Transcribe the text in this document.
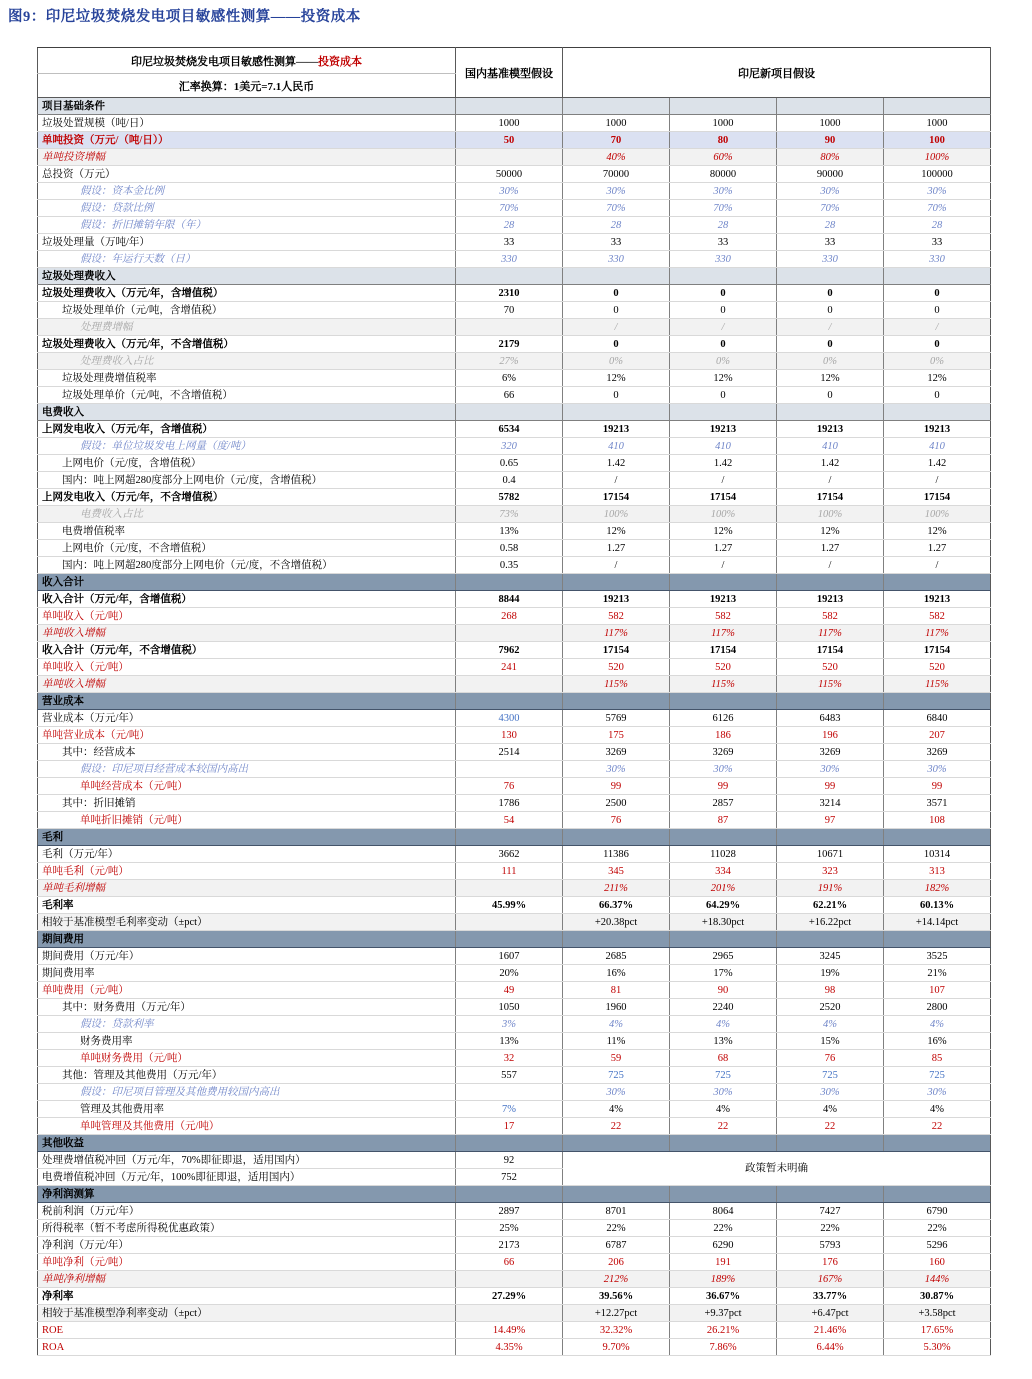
图9：印尼垃圾焚烧发电项目敏感性测算——投资成本
印尼垃圾焚烧发电项目敏感性测算——投资成本	国内基准模型假设	印尼新项目假设			
汇率换算：1美元=7.1人民币					
项目基础条件					
垃圾处置规模（吨/日）	1000	1000	1000	1000	1000
单吨投资（万元/（吨/日））	50	70	80	90	100
单吨投资增幅		40%	60%	80%	100%
总投资（万元）	50000	70000	80000	90000	100000
假设：资本金比例	30%	30%	30%	30%	30%
假设：贷款比例	70%	70%	70%	70%	70%
假设：折旧摊销年限（年）	28	28	28	28	28
垃圾处理量（万吨/年）	33	33	33	33	33
假设：年运行天数（日）	330	330	330	330	330
垃圾处理费收入					
垃圾处理费收入（万元/年，含增值税）	2310	0	0	0	0
垃圾处理单价（元/吨，含增值税）	70	0	0	0	0
处理费增幅		/	/	/	/
垃圾处理费收入（万元/年，不含增值税）	2179	0	0	0	0
处理费收入占比	27%	0%	0%	0%	0%
垃圾处理费增值税率	6%	12%	12%	12%	12%
垃圾处理单价（元/吨，不含增值税）	66	0	0	0	0
电费收入					
上网发电收入（万元/年，含增值税）	6534	19213	19213	19213	19213
假设：单位垃圾发电上网量（度/吨）	320	410	410	410	410
上网电价（元/度，含增值税）	0.65	1.42	1.42	1.42	1.42
国内：吨上网超280度部分上网电价（元/度，含增值税）	0.4	/	/	/	/
上网发电收入（万元/年，不含增值税）	5782	17154	17154	17154	17154
电费收入占比	73%	100%	100%	100%	100%
电费增值税率	13%	12%	12%	12%	12%
上网电价（元/度，不含增值税）	0.58	1.27	1.27	1.27	1.27
国内：吨上网超280度部分上网电价（元/度，不含增值税）	0.35	/	/	/	/
收入合计					
收入合计（万元/年，含增值税）	8844	19213	19213	19213	19213
单吨收入（元/吨）	268	582	582	582	582
单吨收入增幅		117%	117%	117%	117%
收入合计（万元/年，不含增值税）	7962	17154	17154	17154	17154
单吨收入（元/吨）	241	520	520	520	520
单吨收入增幅		115%	115%	115%	115%
营业成本					
营业成本（万元/年）	4300	5769	6126	6483	6840
单吨营业成本（元/吨）	130	175	186	196	207
其中：经营成本	2514	3269	3269	3269	3269
假设：印尼项目经营成本较国内高出		30%	30%	30%	30%
单吨经营成本（元/吨）	76	99	99	99	99
其中：折旧摊销	1786	2500	2857	3214	3571
单吨折旧摊销（元/吨）	54	76	87	97	108
毛利					
毛利（万元/年）	3662	11386	11028	10671	10314
单吨毛利（元/吨）	111	345	334	323	313
单吨毛利增幅		211%	201%	191%	182%
毛利率	45.99%	66.37%	64.29%	62.21%	60.13%
相较于基准模型毛利率变动（±pct）		+20.38pct	+18.30pct	+16.22pct	+14.14pct
期间费用					
期间费用（万元/年）	1607	2685	2965	3245	3525
期间费用率	20%	16%	17%	19%	21%
单吨费用（元/吨）	49	81	90	98	107
其中：财务费用（万元/年）	1050	1960	2240	2520	2800
假设：贷款利率	3%	4%	4%	4%	4%
财务费用率	13%	11%	13%	15%	16%
单吨财务费用（元/吨）	32	59	68	76	85
其他：管理及其他费用（万元/年）	557	725	725	725	725
假设：印尼项目管理及其他费用较国内高出		30%	30%	30%	30%
管理及其他费用率	7%	4%	4%	4%	4%
单吨管理及其他费用（元/吨）	17	22	22	22	22
其他收益					
处理费增值税冲回（万元/年，70%即征即退，适用国内）	92	政策暂未明确			
电费增值税冲回（万元/年，100%即征即退，适用国内）	752				
净利润测算					
税前利润（万元/年）	2897	8701	8064	7427	6790
所得税率（暂不考虑所得税优惠政策）	25%	22%	22%	22%	22%
净利润（万元/年）	2173	6787	6290	5793	5296
单吨净利（元/吨）	66	206	191	176	160
单吨净利增幅		212%	189%	167%	144%
净利率	27.29%	39.56%	36.67%	33.77%	30.87%
相较于基准模型净利率变动（±pct）		+12.27pct	+9.37pct	+6.47pct	+3.58pct
ROE	14.49%	32.32%	26.21%	21.46%	17.65%
ROA	4.35%	9.70%	7.86%	6.44%	5.30%
